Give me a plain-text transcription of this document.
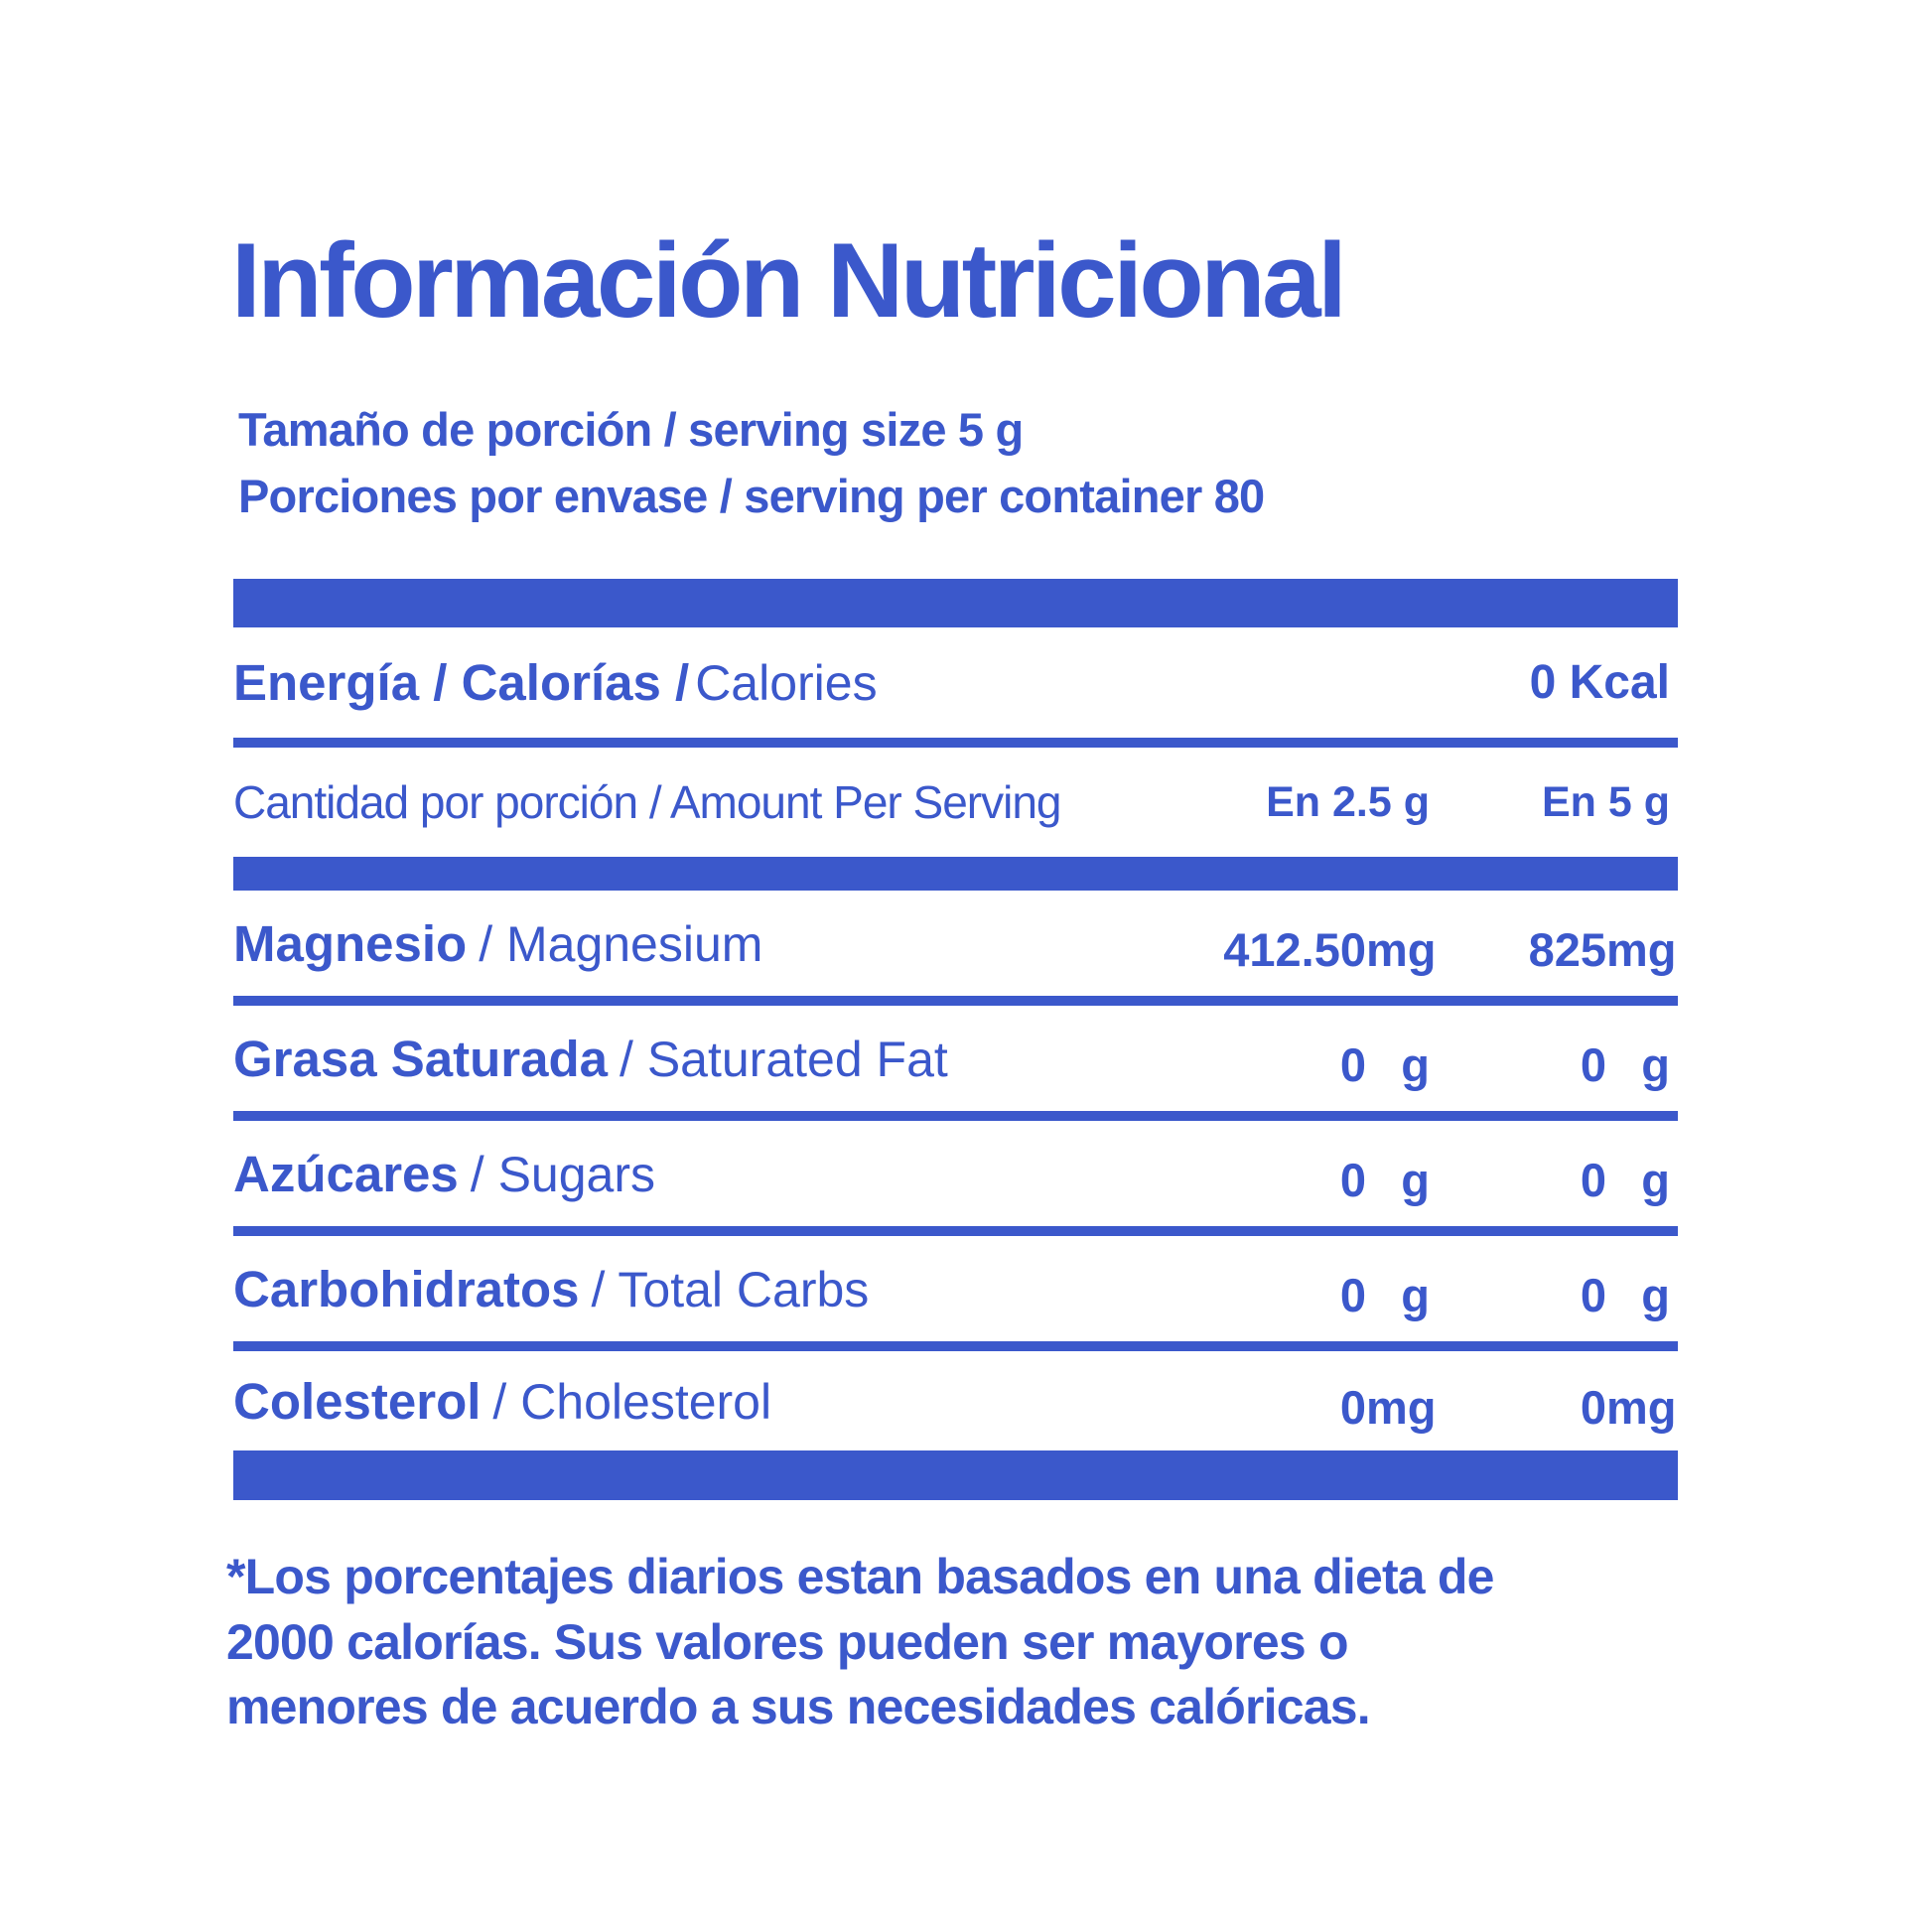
Información Nutricional
Tamaño de porción / serving size 5 g
Porciones por envase / serving per container 80
Energía / Calorías / Calories	0 Kcal
Cantidad por porción / Amount Per Serving	En 2.5 g	En 5 g
Magnesio / Magnesium	412.50 mg 825 mg
Grasa Saturada / Saturated Fat	0 g	0 g
Azúcares / Sugars	0 g	0 g
Carbohidratos / Total Carbs	0 g	0 g
Colesterol / Cholesterol	0 mg	0 mg
*Los porcentajes diarios estan basados en una dieta de
2000 calorías. Sus valores pueden ser mayores o
menores de acuerdo a sus necesidades calóricas.
